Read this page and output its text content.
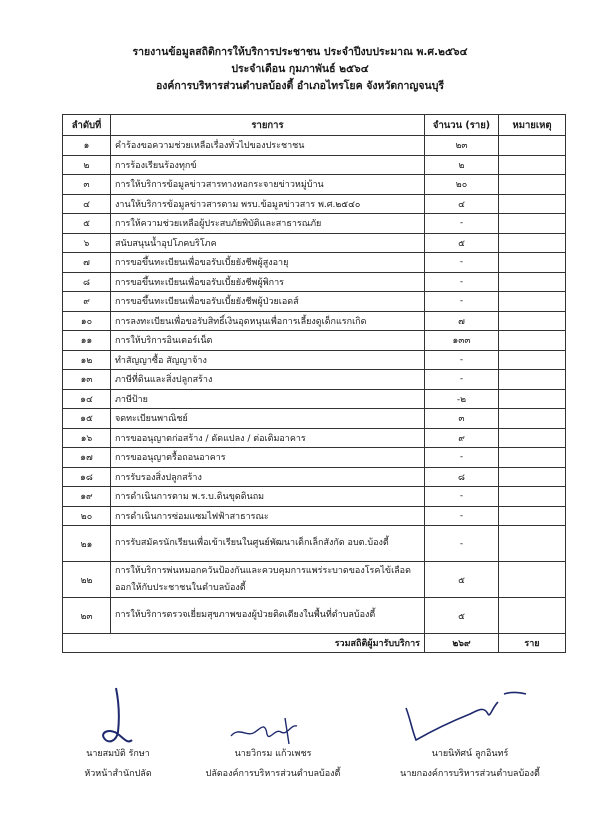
รายงานข้อมูลสถิติการให้บริการประชาชน ประจำปีงบประมาณ พ.ศ.๒๕๖๔
ประจำเดือน กุมภาพันธ์ ๒๕๖๔
องค์การบริหารส่วนตำบลบ้องตี้ อำเภอไทรโยค จังหวัดกาญจนบุรี
ลำดับที่	รายการ	จำนวน (ราย)	หมายเหตุ
๑	คำร้องขอความช่วยเหลือเรื่องทั่วไปของประชาชน	๒๓	
๒	การร้องเรียนร้องทุกข์	๒	
๓	การให้บริการข้อมูลข่าวสารทางหอกระจายข่าวหมู่บ้าน	๒๐	
๔	งานให้บริการข้อมูลข่าวสารตาม พรบ.ข้อมูลข่าวสาร พ.ศ.๒๕๔๐	๔	
๕	การให้ความช่วยเหลือผู้ประสบภัยพิบัติและสาธารณภัย	-	
๖	สนับสนุนน้ำอุปโภคบริโภค	๕	
๗	การขอขึ้นทะเบียนเพื่อขอรับเบี้ยยังชีพผู้สูงอายุ	-	
๘	การขอขึ้นทะเบียนเพื่อขอรับเบี้ยยังชีพผู้พิการ	-	
๙	การขอขึ้นทะเบียนเพื่อขอรับเบี้ยยังชีพผู้ป่วยเอดส์	-	
๑๐	การลงทะเบียนเพื่อขอรับสิทธิ์เงินอุดหนุนเพื่อการเลี้ยงดูเด็กแรกเกิด	๗	
๑๑	การให้บริการอินเตอร์เน็ต	๑๓๓	
๑๒	ทำสัญญาซื้อ สัญญาจ้าง	-	
๑๓	ภาษีที่ดินและสิ่งปลูกสร้าง	-	
๑๔	ภาษีป้าย	-๒	
๑๕	จดทะเบียนพาณิชย์	๓	
๑๖	การขออนุญาตก่อสร้าง / ดัดแปลง / ต่อเติมอาคาร	๙	
๑๗	การขออนุญาตรื้อถอนอาคาร	-	
๑๘	การรับรองสิ่งปลูกสร้าง	๘	
๑๙	การดำเนินการตาม พ.ร.บ.ดินขุดดินถม	-	
๒๐	การดำเนินการซ่อมแซมไฟฟ้าสาธารณะ	-	
๒๑	การรับสมัครนักเรียนเพื่อเข้าเรียนในศูนย์พัฒนาเด็กเล็กสังกัด อบต.บ้องตี้	-	
๒๒	การให้บริการพ่นหมอกควันป้องกันและควบคุมการแพร่ระบาดของโรคไข้เลือดออกให้กับประชาชนในตำบลบ้องตี้	๕	
๒๓	การให้บริการตรวจเยี่ยมสุขภาพของผู้ป่วยติดเตียงในพื้นที่ตำบลบ้องตี้	๕	
รวมสถิติผู้มารับบริการ		๒๖๙	ราย
นายสมบัติ รักษา
หัวหน้าสำนักปลัด
นายวิกรม แก้วเพชร
ปลัดองค์การบริหารส่วนตำบลบ้องตี้
นายนิทัศน์ ลูกอินทร์
นายกองค์การบริหารส่วนตำบลบ้องตี้
